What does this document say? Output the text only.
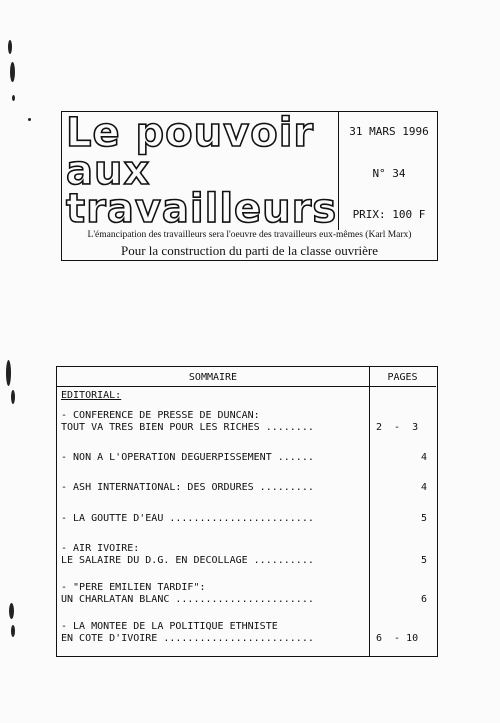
Le pouvoir
aux
travailleurs
31 MARS 1996
N° 34
PRIX: 100 F
L'émancipation des travailleurs sera l'oeuvre des travailleurs eux-mêmes (Karl Marx)
Pour la construction du parti de la classe ouvrière
SOMMAIRE	PAGES
EDITORIAL:
- CONFERENCE DE PRESSE DE DUNCAN:
TOUT VA TRES BIEN POUR LES RICHES ........	2  -  3
- NON A L'OPERATION DEGUERPISSEMENT ......	4
- ASH INTERNATIONAL: DES ORDURES .........	4
- LA GOUTTE D'EAU ........................	5
- AIR IVOIRE:
LE SALAIRE DU D.G. EN DECOLLAGE ..........	5
- "PERE EMILIEN TARDIF":
UN CHARLATAN BLANC .......................	6
- LA MONTEE DE LA POLITIQUE ETHNISTE
EN COTE D'IVOIRE .........................	6  - 10
